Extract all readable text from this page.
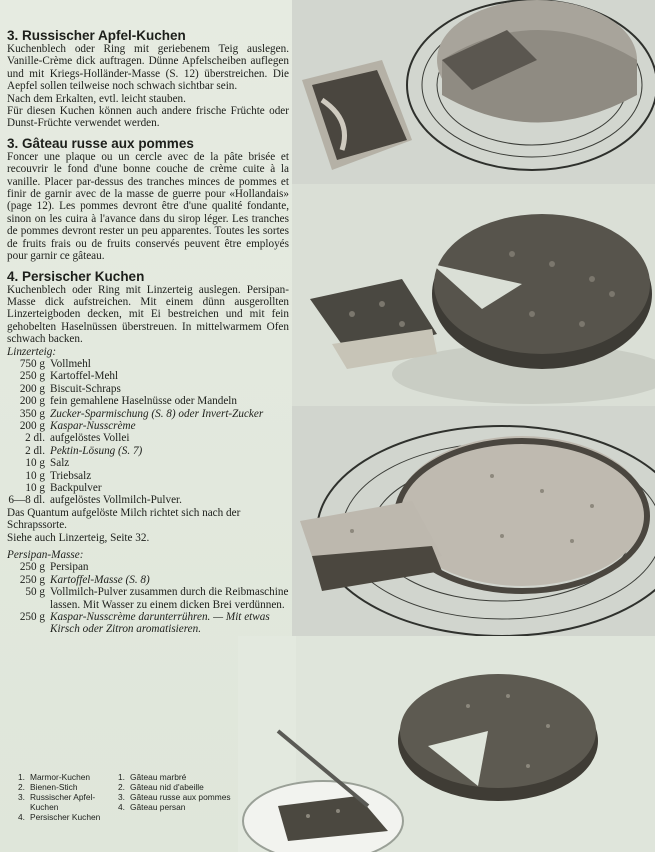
3. Russischer Apfel-Kuchen

Kuchenblech oder Ring mit geriebenem Teig auslegen. Vanille-Crème dick auftragen. Dünne Apfelscheiben auflegen und mit Kriegs-Holländer-Masse (S. 12) überstreichen. Die Aepfel sollen teilweise noch schwach sichtbar sein.

Nach dem Erkalten, evtl. leicht stauben.

Für diesen Kuchen können auch andere frische Früchte oder Dunst-Früchte verwendet werden.

3. Gâteau russe aux pommes

Foncer une plaque ou un cercle avec de la pâte brisée et recouvrir le fond d'une bonne couche de crème cuite à la vanille. Placer par-dessus des tranches minces de pommes et finir de garnir avec de la masse de guerre pour «Hollandais» (page 12). Les pommes devront être d'une qualité fondante, sinon on les cuira à l'avance dans du sirop léger. Les tranches de pommes devront rester un peu apparentes. Toutes les sortes de fruits frais ou de fruits conservés peuvent être employés pour garnir ce gâteau.

4. Persischer Kuchen

Kuchenblech oder Ring mit Linzerteig auslegen. Persipan-Masse dick aufstreichen. Mit einem dünn ausgerollten Linzerteigboden decken, mit Ei bestreichen und mit fein gehobelten Haselnüssen überstreuen. In mittelwarmem Ofen schwach backen.

Linzerteig:

750 g Vollmehl
250 g Kartoffel-Mehl
200 g Biscuit-Schraps
200 g fein gemahlene Haselnüsse oder Mandeln
350 g Zucker-Sparmischung (S. 8) oder Invert-Zucker
200 g Kaspar-Nusscrème
2 dl. aufgelöstes Vollei
2 dl. Pektin-Lösung (S. 7)
10 g Salz
10 g Triebsalz
10 g Backpulver
6—8 dl. aufgelöstes Vollmilch-Pulver.

Das Quantum aufgelöste Milch richtet sich nach der Schrapssorte.

Siehe auch Linzerteig, Seite 32.

Persipan-Masse:

250 g Persipan
250 g Kartoffel-Masse (S. 8)
50 g Vollmilch-Pulver zusammen durch die Reibmaschine lassen. Mit Wasser zu einem dicken Brei verdünnen.
250 g Kaspar-Nusscrème darunterrühren. — Mit etwas Kirsch oder Zitron aromatisieren.
1. Marmor-Kuchen
2. Bienen-Stich
3. Russischer Apfel-Kuchen
4. Persischer Kuchen
1. Gâteau marbré
2. Gâteau nid d'abeille
3. Gâteau russe aux pommes
4. Gâteau persan
